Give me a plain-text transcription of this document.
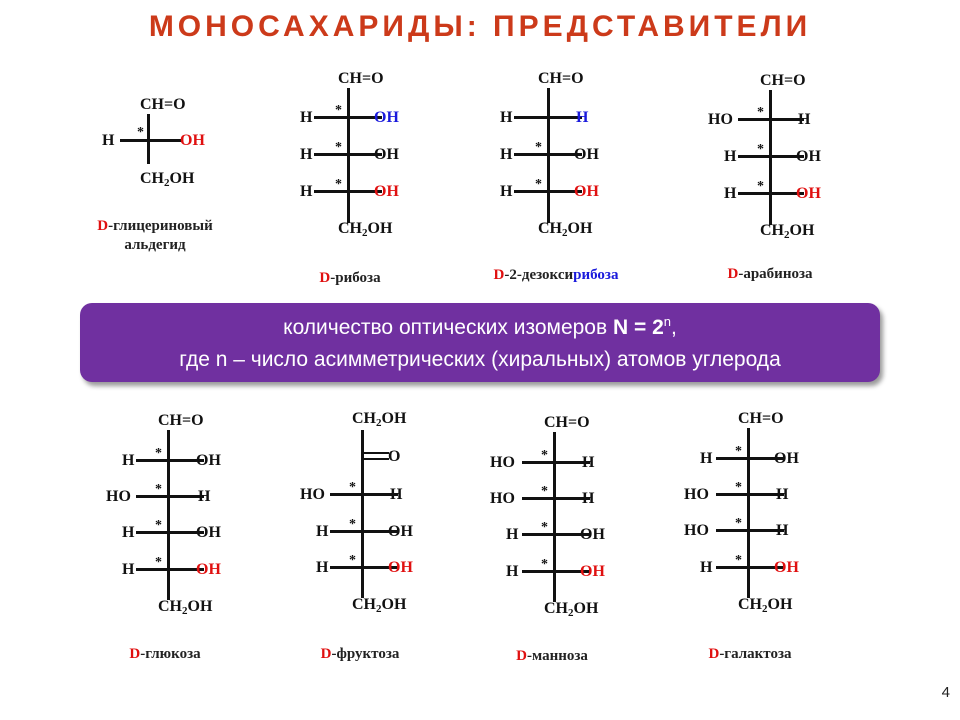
МОНОСАХАРИДЫ: ПРЕДСТАВИТЕЛИ
CH=O
H * OH
CH2OH
D-глицериновый
альдегид
CH=O
H
H
H
*
*
*
OH
OH
OH
CH2OH
D-рибоза
CH=O
H
H
H
*
*
H
OH
OH
CH2OH
D-2-дезоксирибоза
CH=O
HO
H
H
*
*
*
H
OH
OH
CH2OH
D-арабиноза
количество оптических изомеров $N = 2^n$,
где n – число асимметрических (хиральных) атомов углерода
CH=O
H
HO
H
H
*
*
*
*
OH
H
OH
OH
CH2OH
D-глюкоза
CH2OH
O
HO
H
H
*
*
*
H
OH
OH
CH2OH
D-фруктоза
CH=O
HO
HO
H
H
*
*
*
*
H
H
OH
OH
CH2OH
D-манноза
CH=O
H
HO
HO
H
*
*
*
*
OH
H
H
OH
CH2OH
D-галактоза
4
